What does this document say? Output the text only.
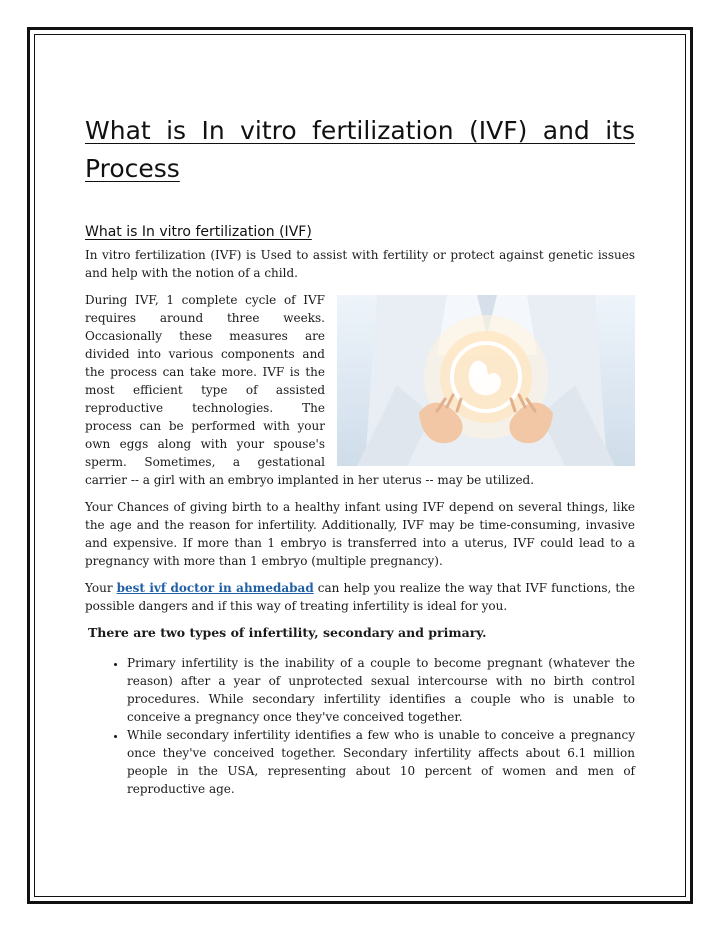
What is In vitro fertilization (IVF) and its Process
What is In vitro fertilization (IVF)

In vitro fertilization (IVF) is Used to assist with fertility or protect against genetic issues and help with the notion of a child.

During IVF, 1 complete cycle of IVF requires around three weeks. Occasionally these measures are divided into various components and the process can take more. IVF is the most efficient type of assisted reproductive technologies. The process can be performed with your own eggs along with your spouse's sperm. Sometimes, a gestational carrier -- a girl with an embryo implanted in her uterus -- may be utilized.

Your Chances of giving birth to a healthy infant using IVF depend on several things, like the age and the reason for infertility. Additionally, IVF may be time-consuming, invasive and expensive. If more than 1 embryo is transferred into a uterus, IVF could lead to a pregnancy with more than 1 embryo (multiple pregnancy).

Your best ivf doctor in ahmedabad can help you realize the way that IVF functions, the possible dangers and if this way of treating infertility is ideal for you.

There are two types of infertility, secondary and primary.

• Primary infertility is the inability of a couple to become pregnant (whatever the reason) after a year of unprotected sexual intercourse with no birth control procedures. While secondary infertility identifies a couple who is unable to conceive a pregnancy once they've conceived together.
• While secondary infertility identifies a few who is unable to conceive a pregnancy once they've conceived together. Secondary infertility affects about 6.1 million people in the USA, representing about 10 percent of women and men of reproductive age.
